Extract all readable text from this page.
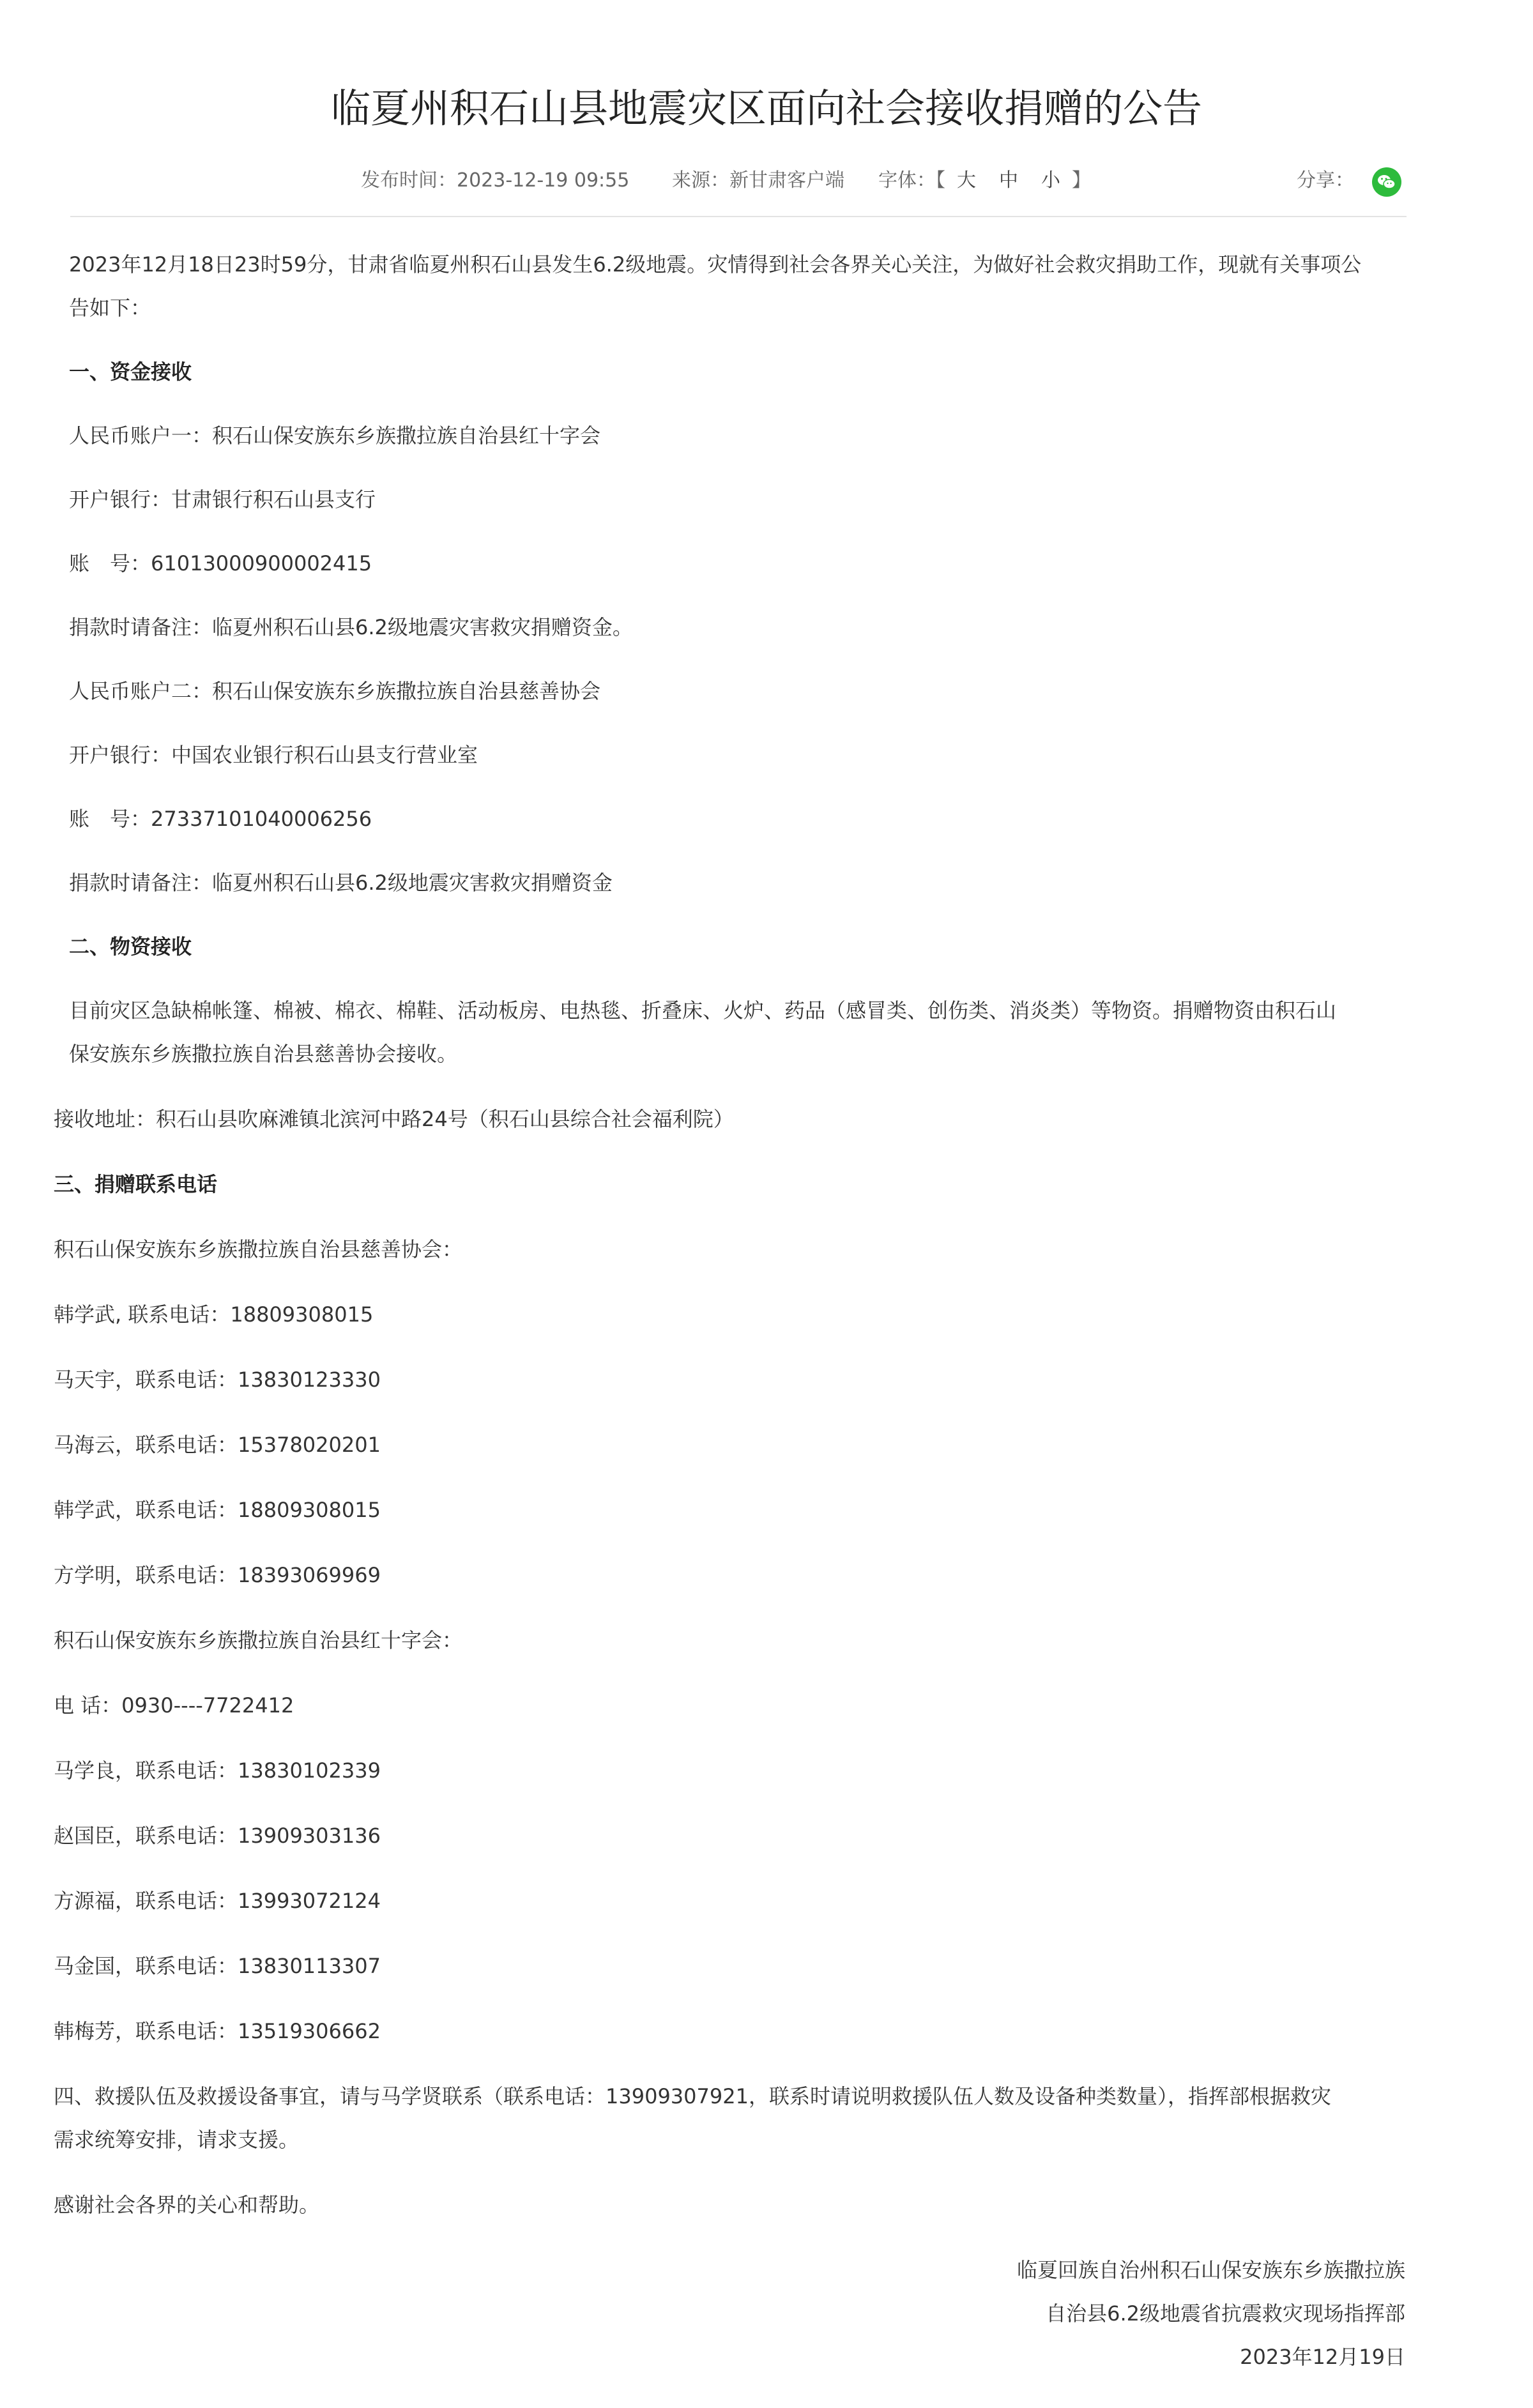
临夏州积石山县地震灾区面向社会接收捐赠的公告
发布时间：2023-12-19 09:55 来源：新甘肃客户端 字体：【 大 中 小 】	分享：

2023年12月18日23时59分，甘肃省临夏州积石山县发生6.2级地震。灾情得到社会各界关心关注，为做好社会救灾捐助工作，现就有关事项公

告如下：

一、资金接收

人民币账户一：积石山保安族东乡族撒拉族自治县红十字会

开户银行：甘肃银行积石山县支行

账　号：61013000900002415

捐款时请备注：临夏州积石山县6.2级地震灾害救灾捐赠资金。

人民币账户二：积石山保安族东乡族撒拉族自治县慈善协会

开户银行：中国农业银行积石山县支行营业室

账　号：27337101040006256

捐款时请备注：临夏州积石山县6.2级地震灾害救灾捐赠资金

二、物资接收

目前灾区急缺棉帐篷、棉被、棉衣、棉鞋、活动板房、电热毯、折叠床、火炉、药品（感冒类、创伤类、消炎类）等物资。捐赠物资由积石山

保安族东乡族撒拉族自治县慈善协会接收。

接收地址：积石山县吹麻滩镇北滨河中路24号（积石山县综合社会福利院）

三、捐赠联系电话

积石山保安族东乡族撒拉族自治县慈善协会：

韩学武, 联系电话：18809308015

马天宇，联系电话：13830123330

马海云，联系电话：15378020201

韩学武，联系电话：18809308015

方学明，联系电话：18393069969

积石山保安族东乡族撒拉族自治县红十字会：

电 话：0930----7722412

马学良，联系电话：13830102339

赵国臣，联系电话：13909303136

方源福，联系电话：13993072124

马金国，联系电话：13830113307

韩梅芳，联系电话：13519306662

四、救援队伍及救援设备事宜，请与马学贤联系（联系电话：13909307921，联系时请说明救援队伍人数及设备种类数量），指挥部根据救灾

需求统筹安排，请求支援。

感谢社会各界的关心和帮助。

临夏回族自治州积石山保安族东乡族撒拉族
自治县6.2级地震省抗震救灾现场指挥部
2023年12月19日
